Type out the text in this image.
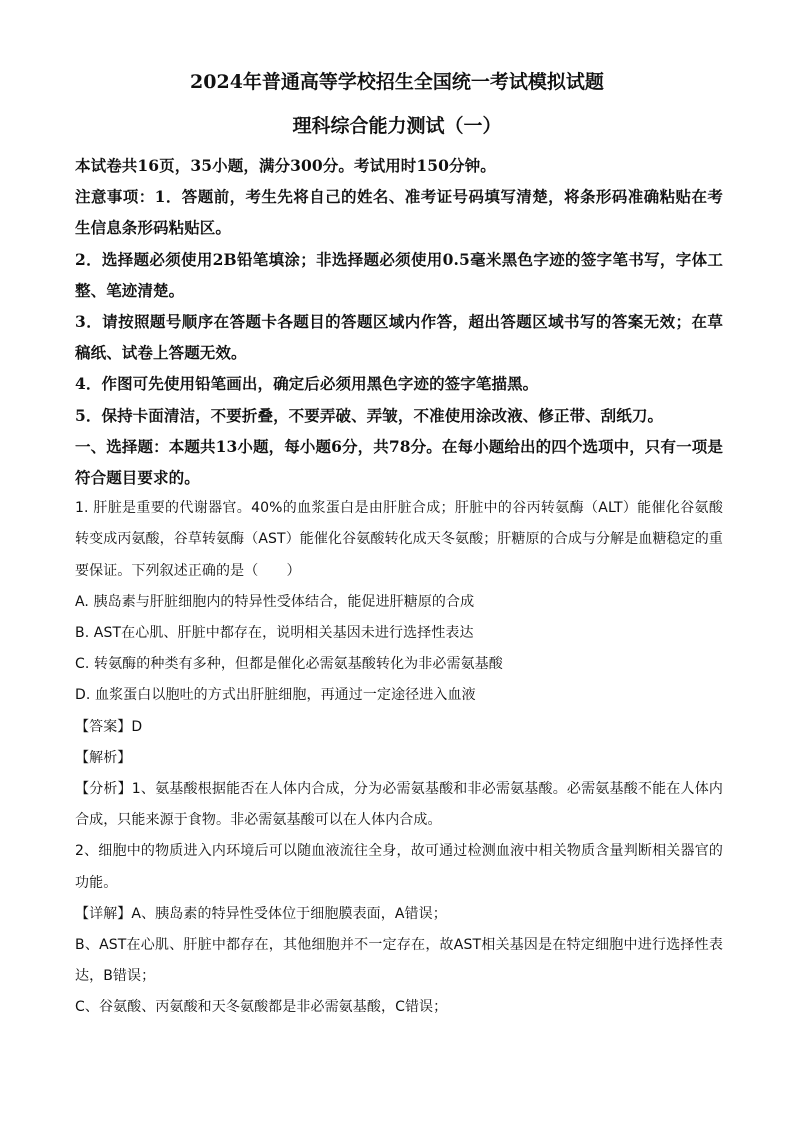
2024年普通高等学校招生全国统一考试模拟试题
理科综合能力测试（一）

本试卷共16页，35小题，满分300分。考试用时150分钟。

注意事项：1．答题前，考生先将自己的姓名、准考证号码填写清楚，将条形码准确粘贴在考生信息条形码粘贴区。

2．选择题必须使用2B铅笔填涂；非选择题必须使用0.5毫米黑色字迹的签字笔书写，字体工整、笔迹清楚。

3．请按照题号顺序在答题卡各题目的答题区域内作答，超出答题区域书写的答案无效；在草稿纸、试卷上答题无效。

4．作图可先使用铅笔画出，确定后必须用黑色字迹的签字笔描黑。

5．保持卡面清洁，不要折叠，不要弄破、弄皱，不准使用涂改液、修正带、刮纸刀。

一、选择题：本题共13小题，每小题6分，共78分。在每小题给出的四个选项中，只有一项是符合题目要求的。

1. 肝脏是重要的代谢器官。40%的血浆蛋白是由肝脏合成；肝脏中的谷丙转氨酶（ALT）能催化谷氨酸转变成丙氨酸，谷草转氨酶（AST）能催化谷氨酸转化成天冬氨酸；肝糖原的合成与分解是血糖稳定的重要保证。下列叙述正确的是（　　）

A. 胰岛素与肝脏细胞内的特异性受体结合，能促进肝糖原的合成

B. AST在心肌、肝脏中都存在，说明相关基因未进行选择性表达

C. 转氨酶的种类有多种，但都是催化必需氨基酸转化为非必需氨基酸

D. 血浆蛋白以胞吐的方式出肝脏细胞，再通过一定途径进入血液

【答案】D

【解析】

【分析】1、氨基酸根据能否在人体内合成，分为必需氨基酸和非必需氨基酸。必需氨基酸不能在人体内合成，只能来源于食物。非必需氨基酸可以在人体内合成。

2、细胞中的物质进入内环境后可以随血液流往全身，故可通过检测血液中相关物质含量判断相关器官的功能。

【详解】A、胰岛素的特异性受体位于细胞膜表面，A错误；

B、AST在心肌、肝脏中都存在，其他细胞并不一定存在，故AST相关基因是在特定细胞中进行选择性表达，B错误；

C、谷氨酸、丙氨酸和天冬氨酸都是非必需氨基酸，C错误；
